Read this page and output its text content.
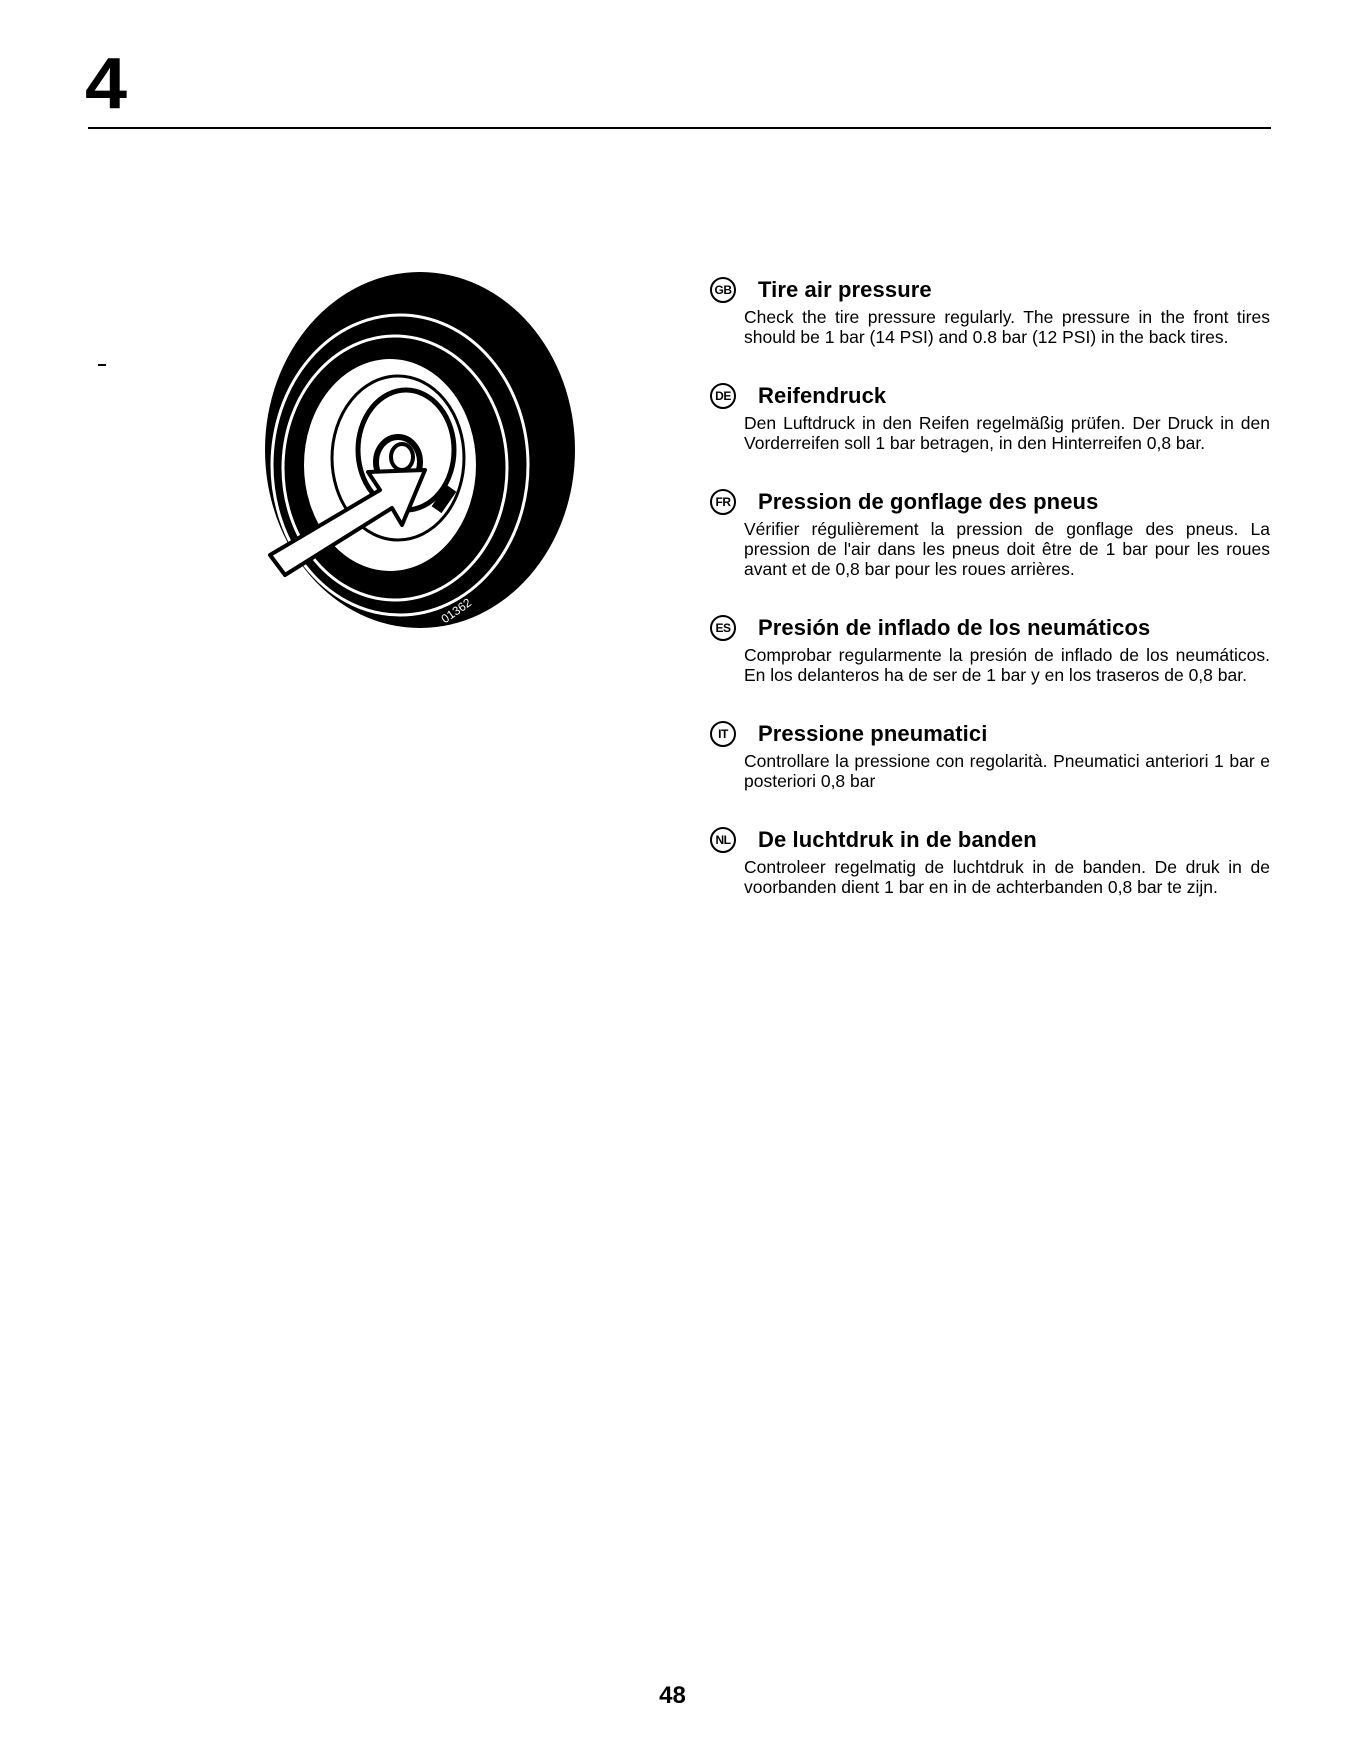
4
01362
GB Tire air pressure
Check the tire pressure regularly. The pressure in the front tires should be 1 bar (14 PSI) and 0.8 bar (12 PSI) in the back tires.
DE Reifendruck
Den Luftdruck in den Reifen regelmäßig prüfen. Der Druck in den Vorderreifen soll 1 bar betragen, in den Hinterreifen 0,8 bar.
FR Pression de gonflage des pneus
Vérifier régulièrement la pression de gonflage des pneus. La pression de l'air dans les pneus doit être de 1 bar pour les roues avant et de 0,8 bar pour les roues arrières.
ES Presión de inflado de los neumáticos
Comprobar regularmente la presión de inflado de los neumáticos. En los delanteros ha de ser de 1 bar y en los traseros de 0,8 bar.
IT	Pressione pneumatici
Controllare la pressione con regolarità. Pneumatici anteriori 1 bar e posteriori 0,8 bar
NL De luchtdruk in de banden
Controleer regelmatig de luchtdruk in de banden. De druk in de voorbanden dient 1 bar en in de achterbanden 0,8 bar te zijn.
48
